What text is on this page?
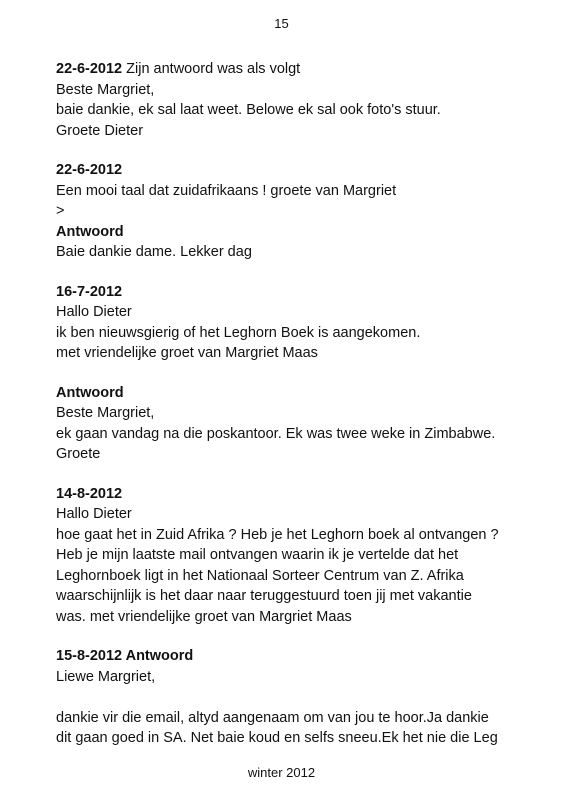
15
22-6-2012 Zijn antwoord was als volgt
Beste Margriet,
baie dankie, ek sal laat weet. Belowe ek sal ook foto's stuur.
Groete Dieter
22-6-2012
Een mooi taal dat zuidafrikaans ! groete van Margriet
>
Antwoord
Baie dankie dame. Lekker dag
16-7-2012
Hallo Dieter
ik ben nieuwsgierig of het Leghorn Boek is aangekomen.
met vriendelijke groet van Margriet Maas
Antwoord
Beste Margriet,
ek gaan vandag na die poskantoor. Ek was twee weke in Zimbabwe.
Groete
14-8-2012
Hallo Dieter
hoe gaat het in Zuid Afrika ? Heb je het Leghorn boek al ontvangen ?
Heb je mijn laatste mail ontvangen waarin ik je vertelde dat het
Leghornboek ligt in het Nationaal Sorteer Centrum van Z. Afrika
waarschijnlijk is het daar naar teruggestuurd toen jij met vakantie
was. met vriendelijke groet van Margriet Maas
15-8-2012 Antwoord
Liewe Margriet,
dankie vir die email, altyd aangenaam om van jou te hoor.Ja dankie
dit gaan goed in SA. Net baie koud en selfs sneeu.Ek het nie die Leg
winter 2012
